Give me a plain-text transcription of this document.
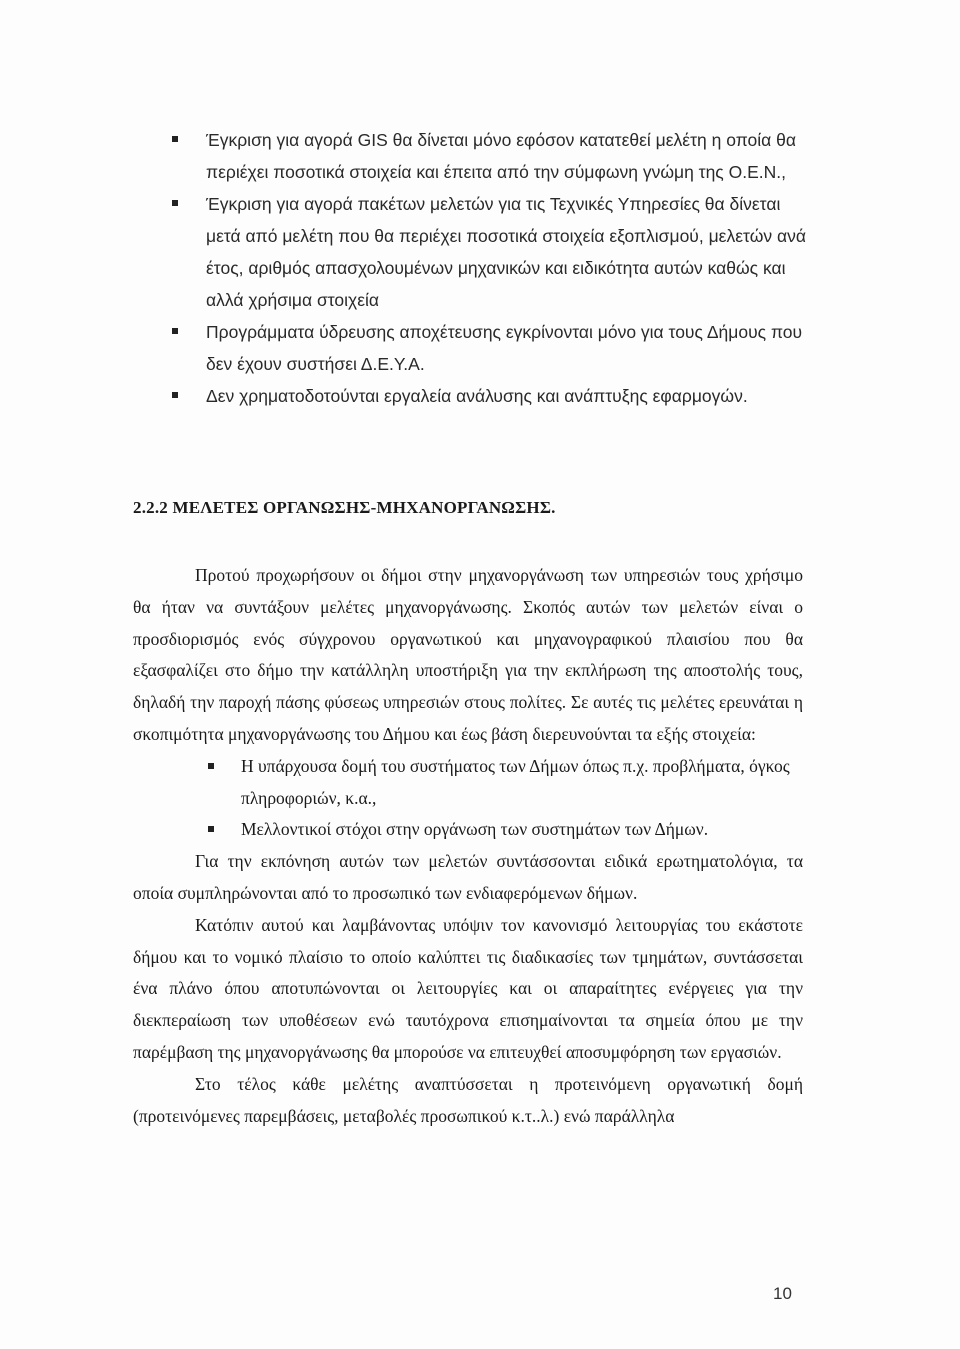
Έγκριση για αγορά GIS θα δίνεται μόνο εφόσον κατατεθεί μελέτη η οποία θα περιέχει ποσοτικά στοιχεία και έπειτα από την σύμφωνη γνώμη της Ο.Ε.Ν.,
Έγκριση για αγορά πακέτων μελετών για τις Τεχνικές Υπηρεσίες θα δίνεται μετά από μελέτη που θα περιέχει ποσοτικά στοιχεία εξοπλισμού, μελετών ανά έτος, αριθμός απασχολουμένων μηχανικών και ειδικότητα αυτών καθώς και αλλά χρήσιμα στοιχεία
Προγράμματα ύδρευσης αποχέτευσης εγκρίνονται μόνο για τους Δήμους που δεν έχουν συστήσει Δ.Ε.Υ.Α.
Δεν χρηματοδοτούνται εργαλεία ανάλυσης και ανάπτυξης εφαρμογών.
2.2.2 ΜΕΛΕΤΕΣ ΟΡΓΑΝΩΣΗΣ-ΜΗΧΑΝΟΡΓΑΝΩΣΗΣ.

Προτού προχωρήσουν οι δήμοι στην μηχανοργάνωση των υπηρεσιών τους χρήσιμο θα ήταν να συντάξουν μελέτες μηχανοργάνωσης. Σκοπός αυτών των μελετών είναι ο προσδιορισμός ενός σύγχρονου οργανωτικού και μηχανογραφικού πλαισίου που θα εξασφαλίζει στο δήμο την κατάλληλη υποστήριξη για την εκπλήρωση της αποστολής τους, δηλαδή την παροχή πάσης φύσεως υπηρεσιών στους πολίτες. Σε αυτές τις μελέτες ερευνάται η σκοπιμότητα μηχανοργάνωσης του Δήμου και έως βάση διερευνούνται τα εξής στοιχεία:

Η υπάρχουσα δομή του συστήματος των Δήμων όπως π.χ. προβλήματα, όγκος πληροφοριών, κ.α.,
Μελλοντικοί στόχοι στην οργάνωση των συστημάτων των Δήμων.

Για την εκπόνηση αυτών των μελετών συντάσσονται ειδικά ερωτηματολόγια, τα οποία συμπληρώνονται από το προσωπικό των ενδιαφερόμενων δήμων.

Κατόπιν αυτού και λαμβάνοντας υπόψιν τον κανονισμό λειτουργίας του εκάστοτε δήμου και το νομικό πλαίσιο το οποίο καλύπτει τις διαδικασίες των τμημάτων, συντάσσεται ένα πλάνο όπου αποτυπώνονται οι λειτουργίες και οι απαραίτητες ενέργειες για την διεκπεραίωση των υποθέσεων ενώ ταυτόχρονα επισημαίνονται τα σημεία όπου με την παρέμβαση της μηχανοργάνωσης θα μπορούσε να επιτευχθεί αποσυμφόρηση των εργασιών.

Στο τέλος κάθε μελέτης αναπτύσσεται η προτεινόμενη οργανωτική δομή (προτεινόμενες παρεμβάσεις, μεταβολές προσωπικού κ.τ..λ.) ενώ παράλληλα

10
